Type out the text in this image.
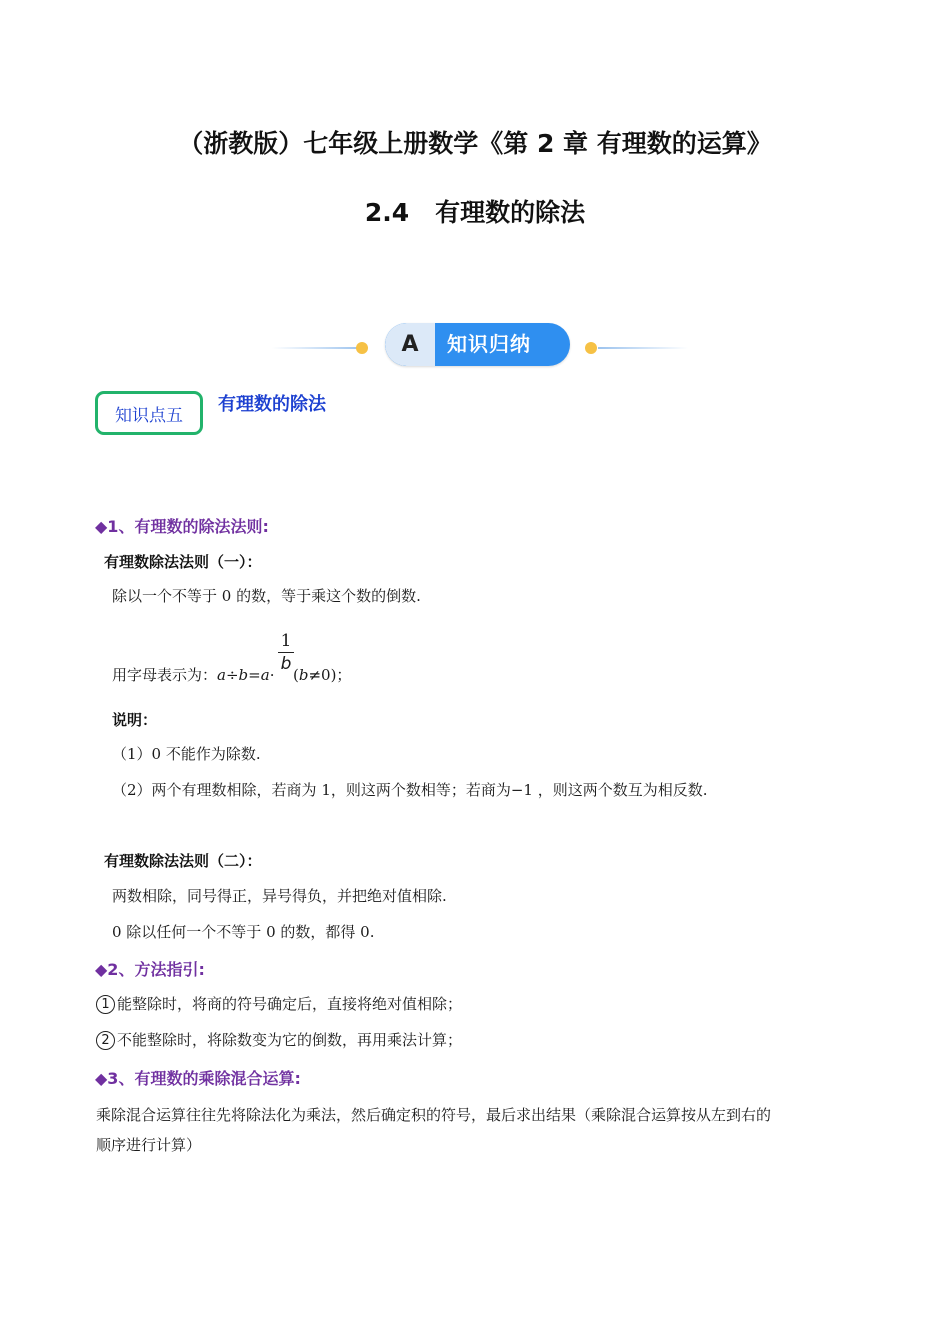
（浙教版）七年级上册数学《第 2 章 有理数的运算》
2.4 有理数的除法
A	知识归纳
知识点五
有理数的除法
◆1、有理数的除法法则:
有理数除法法则（一）：
除以一个不等于 0 的数，等于乘这个数的倒数.
用字母表示为：a÷b=a·
1
b
(b≠0)；
说明：
（1）0 不能作为除数.
（2）两个有理数相除，若商为 1，则这两个数相等；若商为−1 ，则这两个数互为相反数.
有理数除法法则（二）：
两数相除，同号得正，异号得负，并把绝对值相除.
0 除以任何一个不等于 0 的数，都得 0.
◆2、方法指引:
1 能整除时，将商的符号确定后，直接将绝对值相除；
2 不能整除时，将除数变为它的倒数，再用乘法计算；
◆3、有理数的乘除混合运算:
乘除混合运算往往先将除法化为乘法，然后确定积的符号，最后求出结果（乘除混合运算按从左到右的
顺序进行计算）
